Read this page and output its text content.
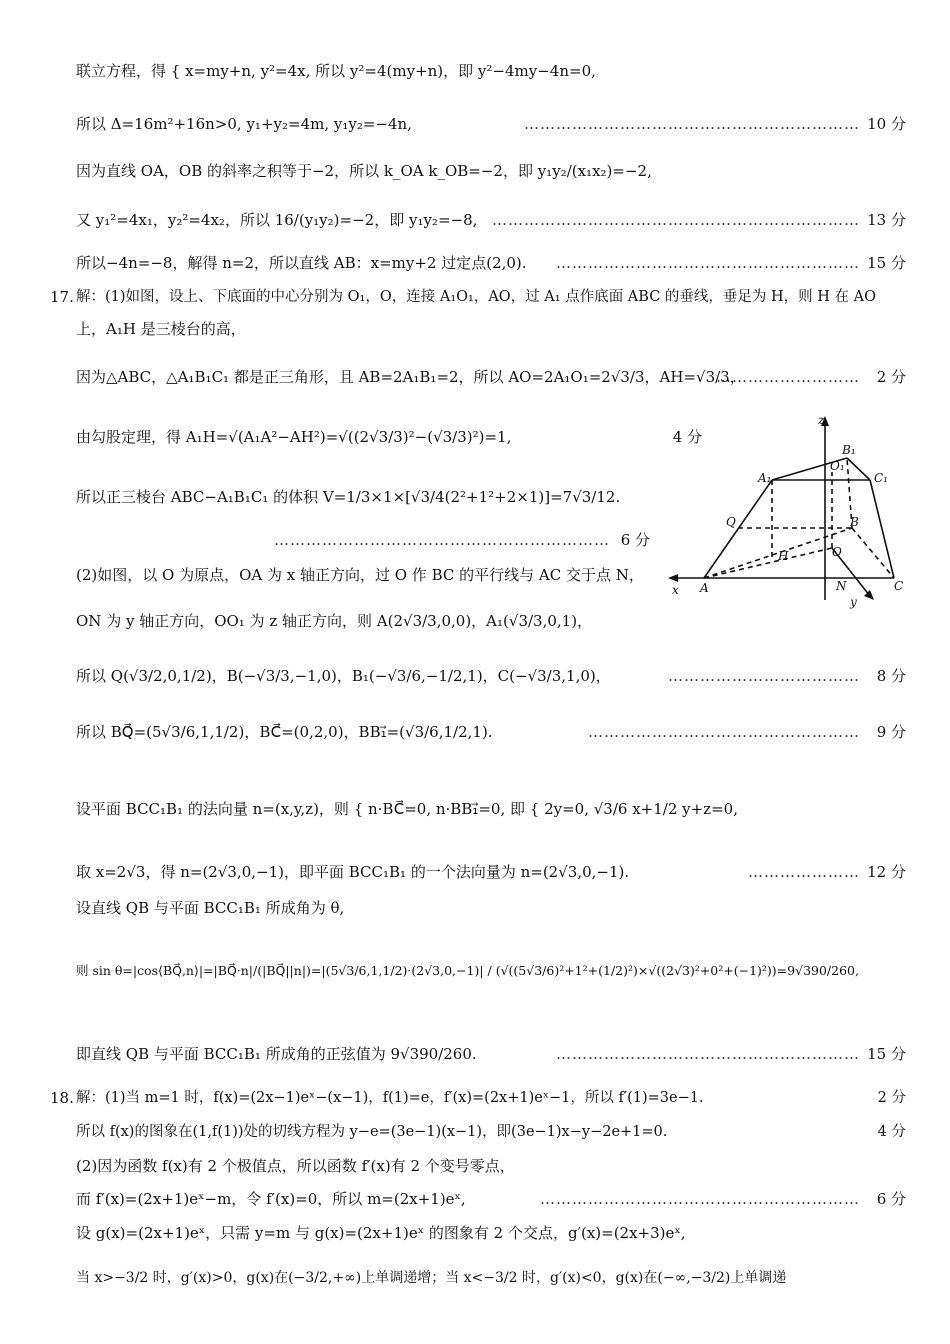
联立方程，得 { x=my+n, y²=4x, 所以 y²=4(my+n)，即 y²−4my−4n=0,
所以 Δ=16m²+16n>0, y₁+y₂=4m, y₁y₂=−4n,	……………………………………………………… 10 分
因为直线 OA，OB 的斜率之积等于−2，所以 k_OA k_OB=−2，即 y₁y₂/(x₁x₂)=−2,
又 y₁²=4x₁，y₂²=4x₂，所以 16/(y₁y₂)=−2，即 y₁y₂=−8, …………………………………………………………… 13 分
所以−4n=−8，解得 n=2，所以直线 AB：x=my+2 过定点(2,0). ………………………………………………… 15 分
17. 解：(1)如图，设上、下底面的中心分别为 O₁，O，连接 A₁O₁，AO，过 A₁ 点作底面 ABC 的垂线，垂足为 H，则 H 在 AO
上，A₁H 是三棱台的高，
因为△ABC，△A₁B₁C₁ 都是正三角形，且 AB=2A₁B₁=2，所以 AO=2A₁O₁=2√3/3，AH=√3/3，
……………………… 2 分
由勾股定理，得 A₁H=√(A₁A²−AH²)=√((2√3/3)²−(√3/3)²)=1,	4 分
所以正三棱台 ABC−A₁B₁C₁ 的体积 V=1/3×1×[√3/4(2²+1²+2×1)]=7√3/12.
……………………………………………………… 6 分
(2)如图，以 O 为原点，OA 为 x 轴正方向，过 O 作 BC 的平行线与 AC 交于点 N，
ON 为 y 轴正方向，OO₁ 为 z 轴正方向，则 A(2√3/3,0,0)，A₁(√3/3,0,1)，
所以 Q(√3/2,0,1/2)，B(−√3/3,−1,0)，B₁(−√3/6,−1/2,1)，C(−√3/3,1,0)，	……………………………… 8 分
所以 BQ⃗=(5√3/6,1,1/2)，BC⃗=(0,2,0)，BB₁⃗=(√3/6,1/2,1).	…………………………………………… 9 分
设平面 BCC₁B₁ 的法向量 n=(x,y,z)，则 { n·BC⃗=0, n·BB₁⃗=0, 即 { 2y=0, √3/6 x+1/2 y+z=0,
取 x=2√3，得 n=(2√3,0,−1)，即平面 BCC₁B₁ 的一个法向量为 n=(2√3,0,−1).	………………… 12 分
设直线 QB 与平面 BCC₁B₁ 所成角为 θ,
则 sin θ=|cos⟨BQ⃗,n⟩|=|BQ⃗·n|/(|BQ⃗||n|)=|(5√3/6,1,1/2)·(2√3,0,−1)| / (√((5√3/6)²+1²+(1/2)²)×√((2√3)²+0²+(−1)²))=9√390/260,
即直线 QB 与平面 BCC₁B₁ 所成角的正弦值为 9√390/260.	………………………………………………… 15 分
18. 解：(1)当 m=1 时，f(x)=(2x−1)eˣ−(x−1)，f(1)=e，f′(x)=(2x+1)eˣ−1，所以 f′(1)=3e−1.	2 分
所以 f(x)的图象在(1,f(1))处的切线方程为 y−e=(3e−1)(x−1)，即(3e−1)x−y−2e+1=0.	4 分
(2)因为函数 f(x)有 2 个极值点，所以函数 f′(x)有 2 个变号零点，
而 f′(x)=(2x+1)eˣ−m，令 f′(x)=0，所以 m=(2x+1)eˣ,	…………………………………………………… 6 分
设 g(x)=(2x+1)eˣ，只需 y=m 与 g(x)=(2x+1)eˣ 的图象有 2 个交点，g′(x)=(2x+3)eˣ,
当 x>−3/2 时，g′(x)>0，g(x)在(−3/2,+∞)上单调递增；当 x<−3/2 时，g′(x)<0，g(x)在(−∞,−3/2)上单调递
z
B₁
A₁
O₁
C₁
Q	B
H	O
A
x	N
y
C
